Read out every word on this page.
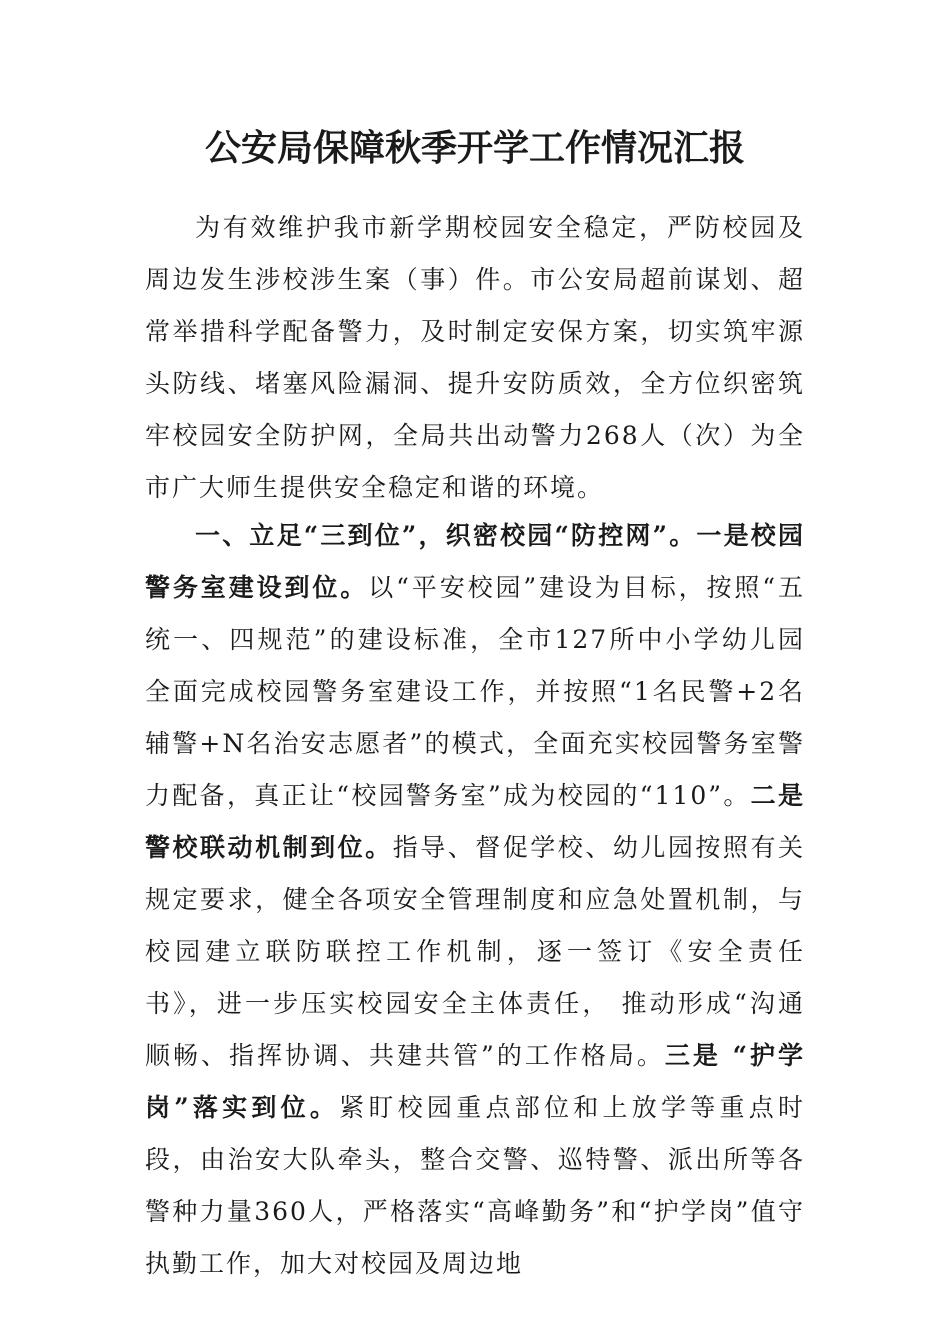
公安局保障秋季开学工作情况汇报

为有效维护我市新学期校园安全稳定，严防校园及周边发生涉校涉生案（事）件。市公安局超前谋划、超常举措科学配备警力，及时制定安保方案，切实筑牢源头防线、堵塞风险漏洞、提升安防质效，全方位织密筑牢校园安全防护网，全局共出动警力268人（次）为全市广大师生提供安全稳定和谐的环境。

一、立足“三到位”，织密校园“防控网”。一是校园警务室建设到位。以“平安校园”建设为目标，按照“五统一、四规范”的建设标准，全市127所中小学幼儿园全面完成校园警务室建设工作，并按照“1名民警+2名辅警+N名治安志愿者”的模式，全面充实校园警务室警力配备，真正让“校园警务室”成为校园的“110”。二是警校联动机制到位。指导、督促学校、幼儿园按照有关规定要求，健全各项安全管理制度和应急处置机制，与校园建立联防联控工作机制，逐一签订《安全责任书》，进一步压实校园安全主体责任， 推动形成“沟通顺畅、指挥协调、共建共管”的工作格局。三是 “护学岗”落实到位。紧盯校园重点部位和上放学等重点时段，由治安大队牵头，整合交警、巡特警、派出所等各警种力量360人，严格落实“高峰勤务”和“护学岗”值守执勤工作，加大对校园及周边地
